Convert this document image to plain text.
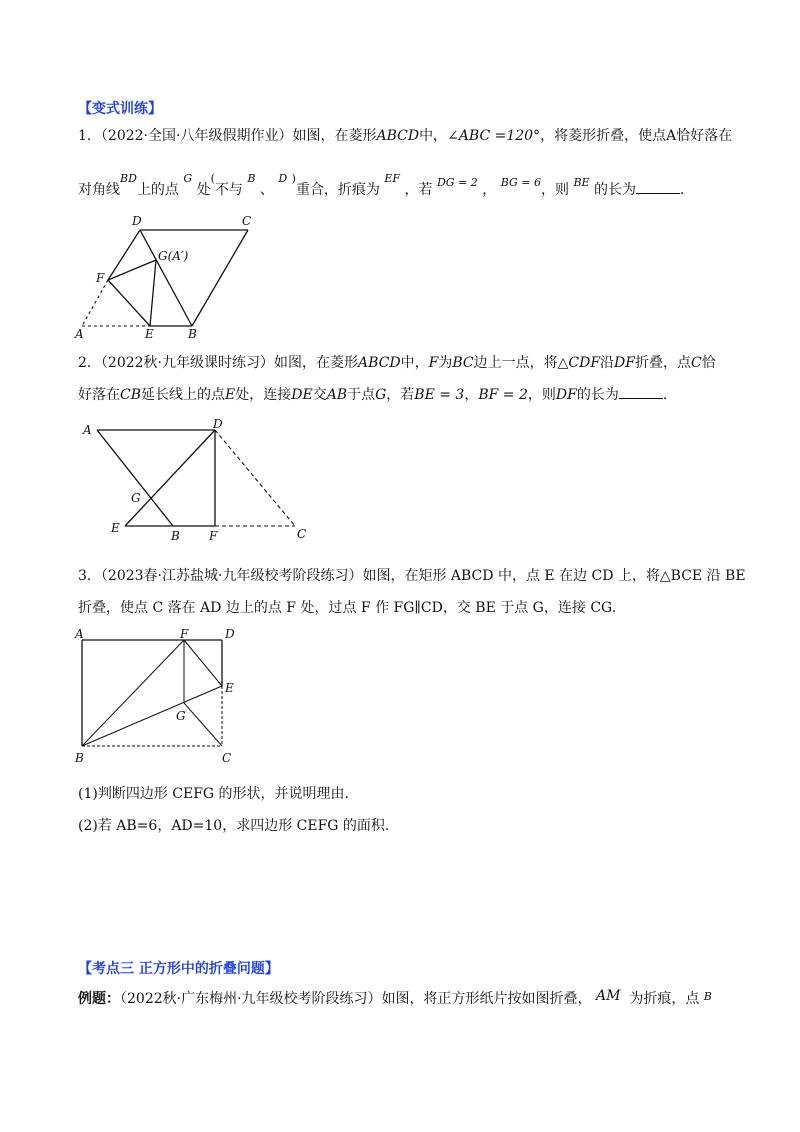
【变式训练】
1．（2022·全国·八年级假期作业）如图，在菱形ABCD中，∠ABC =120°，将菱形折叠，使点A恰好落在
对角线$^{BD}$上的点 $^G$ 处(不与 $^B$ 、 $^D$ )重合，折痕为 $^{EF}$ ，若 $^{DG = 2}$ ， $^{BG = 6}$，则 $^{BE}$ 的长为	.
D	C
G(A′)
F
A	E	B
2．（2022秋·九年级课时练习）如图，在菱形ABCD中，F为BC边上一点，将△CDF沿DF折叠，点C恰
好落在CB延长线上的点E处，连接DE交AB于点G，若BE = 3，BF = 2，则DF的长为	.
A	D
G
E
B F	C
3．（2023春·江苏盐城·九年级校考阶段练习）如图，在矩形 ABCD 中，点 E 在边 CD 上，将△BCE 沿 BE
折叠，使点 C 落在 AD 边上的点 F 处，过点 F 作 FG∥CD，交 BE 于点 G，连接 CG.
A	F	D
E
G
B	C
(1)判断四边形 CEFG 的形状，并说明理由.
(2)若 AB=6，AD=10，求四边形 CEFG 的面积.
【考点三 正方形中的折叠问题】
例题：（2022秋·广东梅州·九年级校考阶段练习）如图，将正方形纸片按如图折叠， AM 为折痕，点 $^B$
